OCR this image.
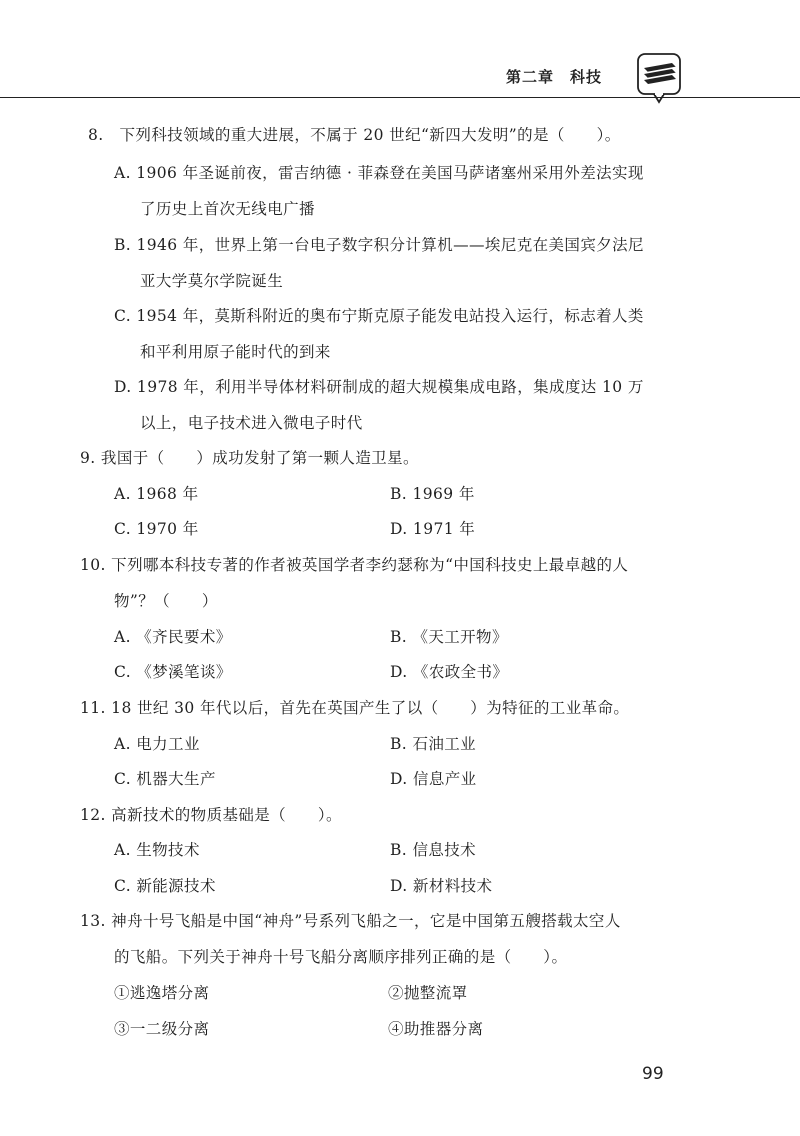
第二章　科技
8.　下列科技领域的重大进展，不属于 20 世纪“新四大发明”的是（　　）。
A. 1906 年圣诞前夜，雷吉纳德 · 菲森登在美国马萨诸塞州采用外差法实现
了历史上首次无线电广播
B. 1946 年，世界上第一台电子数字积分计算机——埃尼克在美国宾夕法尼
亚大学莫尔学院诞生
C. 1954 年，莫斯科附近的奥布宁斯克原子能发电站投入运行，标志着人类
和平利用原子能时代的到来
D. 1978 年，利用半导体材料研制成的超大规模集成电路，集成度达 10 万
以上，电子技术进入微电子时代
9. 我国于（　　）成功发射了第一颗人造卫星。
A. 1968 年	B. 1969 年
C. 1970 年	D. 1971 年
10. 下列哪本科技专著的作者被英国学者李约瑟称为“中国科技史上最卓越的人
物”？（　　）
A. 《齐民要术》	B. 《天工开物》
C. 《梦溪笔谈》	D. 《农政全书》
11. 18 世纪 30 年代以后，首先在英国产生了以（　　）为特征的工业革命。
A. 电力工业	B. 石油工业
C. 机器大生产	D. 信息产业
12. 高新技术的物质基础是（　　）。
A. 生物技术	B. 信息技术
C. 新能源技术	D. 新材料技术
13. 神舟十号飞船是中国“神舟”号系列飞船之一，它是中国第五艘搭载太空人
的飞船。下列关于神舟十号飞船分离顺序排列正确的是（　　）。
①逃逸塔分离	②抛整流罩
③一二级分离	④助推器分离
99
